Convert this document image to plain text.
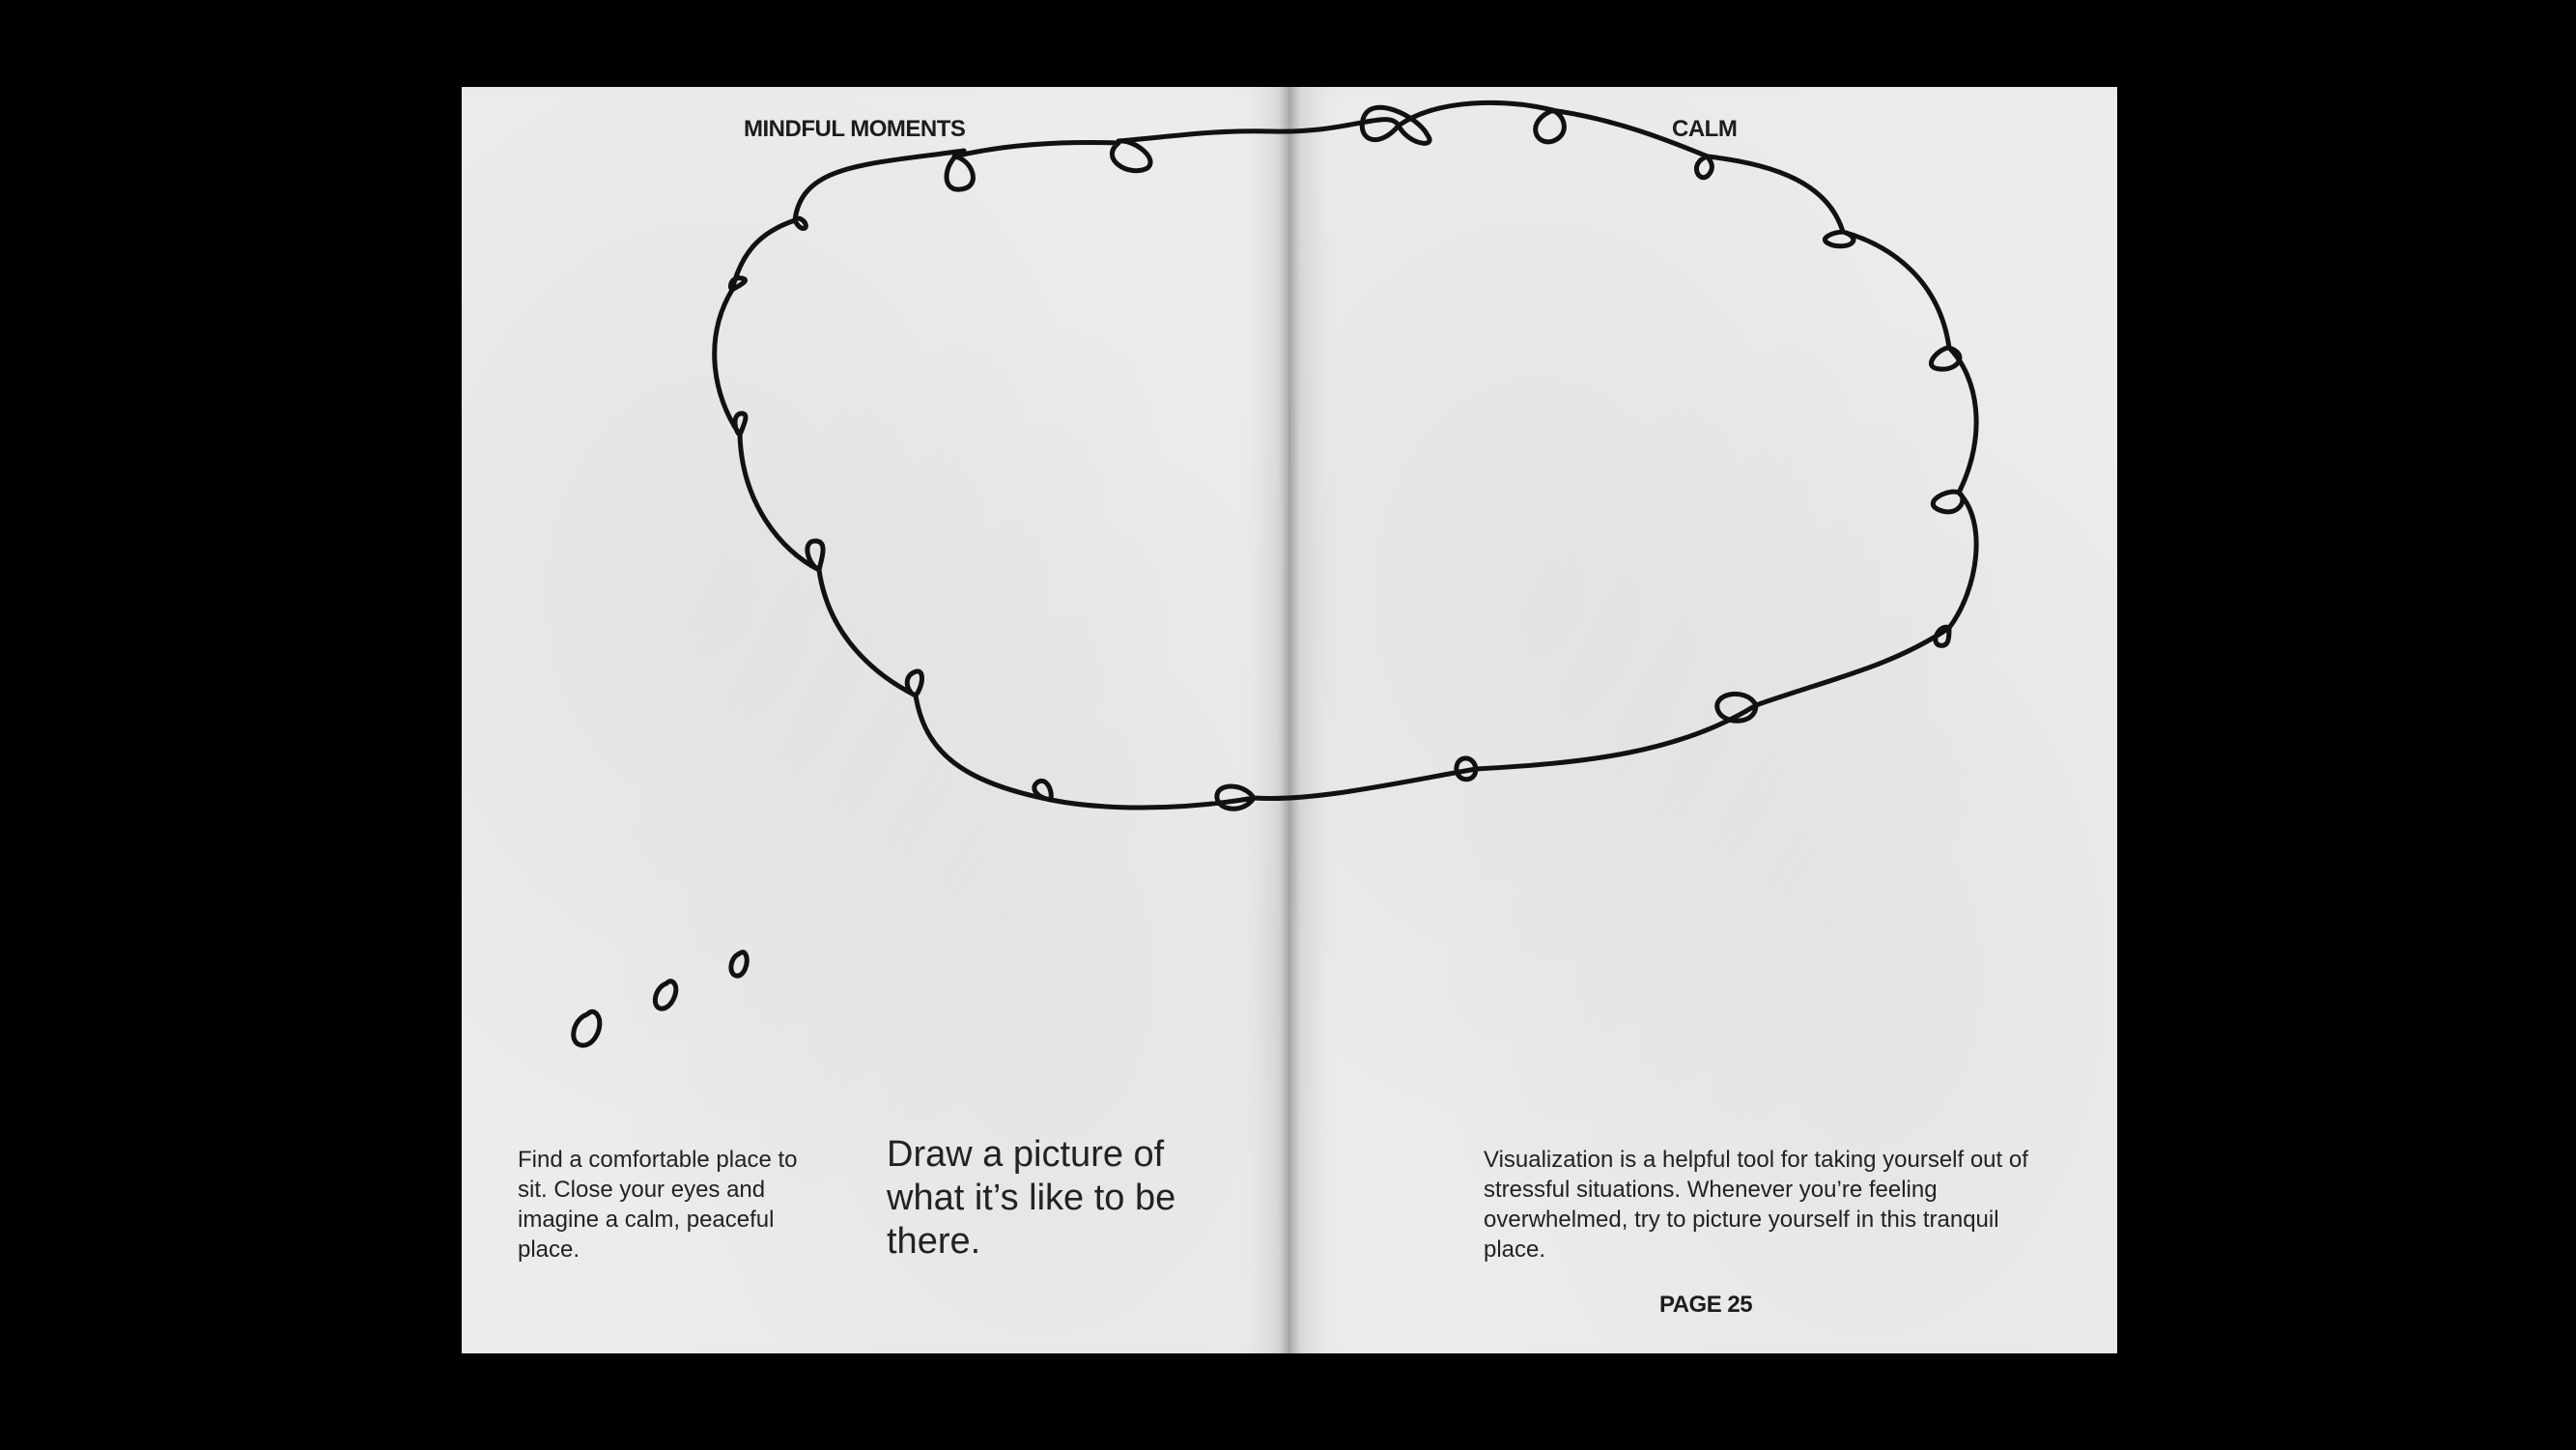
MINDFUL MOMENTS	CALM
Find a comfortable place to sit. Close your eyes and imagine a calm, peaceful place.
Draw a picture of what it’s like to be there.
Visualization is a helpful tool for taking yourself out of stressful situations. Whenever you’re feeling overwhelmed, try to picture yourself in this tranquil place.
PAGE 25
